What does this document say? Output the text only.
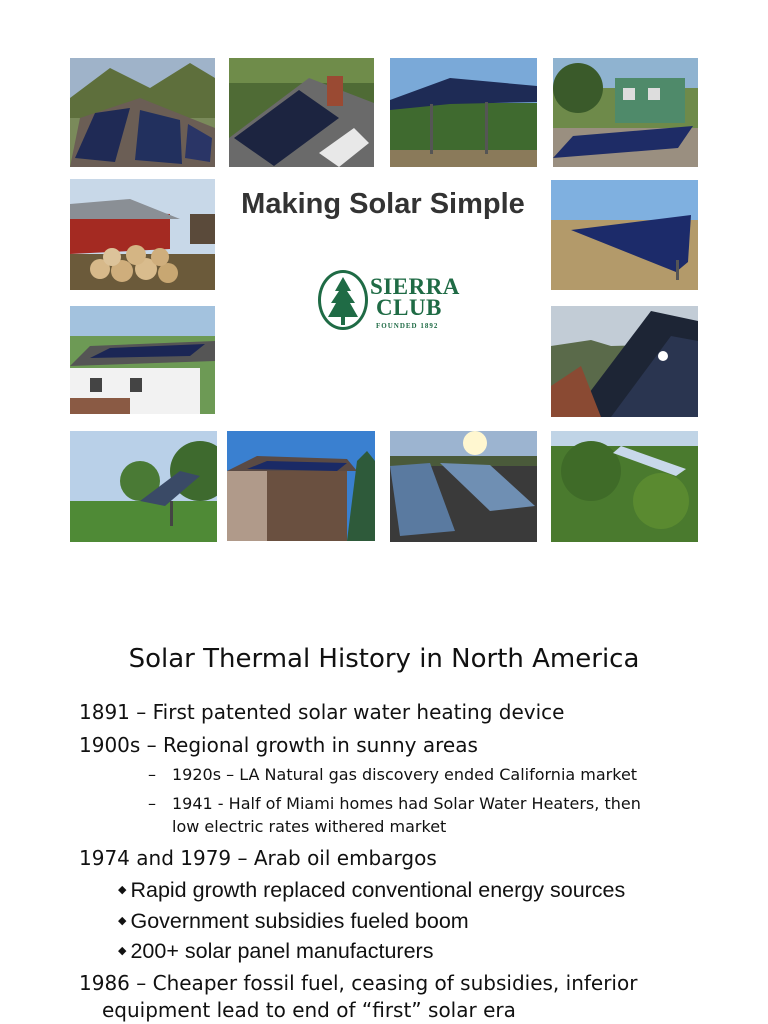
Making Solar Simple
SIERRA
CLUB
FOUNDED 1892
Solar Thermal History in North America
1891 – First patented solar water heating device
1900s – Regional growth in sunny areas
– 1920s – LA Natural gas discovery ended California market
– 1941 - Half of Miami homes had Solar Water Heaters, then
low electric rates withered market
1974 and 1979 – Arab oil embargos
◆ Rapid growth replaced conventional energy sources
◆ Government subsidies fueled boom
◆ 200+ solar panel manufacturers
1986 – Cheaper fossil fuel, ceasing of subsidies, inferior
equipment lead to end of “first” solar era
